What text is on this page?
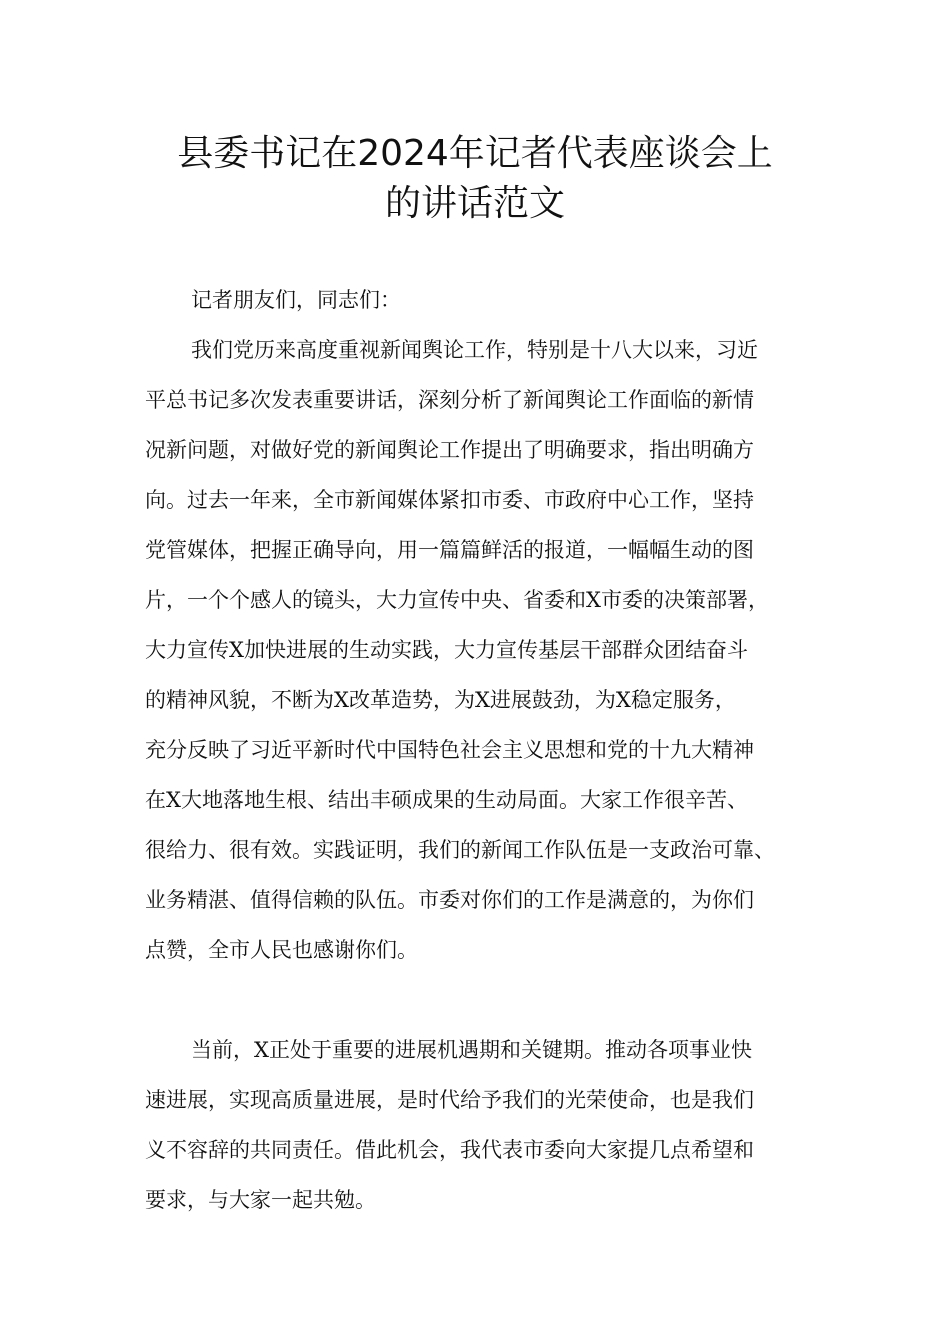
县委书记在2024年记者代表座谈会上
的讲话范文

记者朋友们，同志们：

我们党历来高度重视新闻舆论工作，特别是十八大以来，习近

平总书记多次发表重要讲话，深刻分析了新闻舆论工作面临的新情

况新问题，对做好党的新闻舆论工作提出了明确要求，指出明确方

向。过去一年来，全市新闻媒体紧扣市委、市政府中心工作，坚持

党管媒体，把握正确导向，用一篇篇鲜活的报道，一幅幅生动的图

片，一个个感人的镜头，大力宣传中央、省委和X市委的决策部署，

大力宣传X加快进展的生动实践，大力宣传基层干部群众团结奋斗

的精神风貌，不断为X改革造势，为X进展鼓劲，为X稳定服务，

充分反映了习近平新时代中国特色社会主义思想和党的十九大精神

在X大地落地生根、结出丰硕成果的生动局面。大家工作很辛苦、

很给力、很有效。实践证明，我们的新闻工作队伍是一支政治可靠、

业务精湛、值得信赖的队伍。市委对你们的工作是满意的，为你们

点赞，全市人民也感谢你们。

当前，X正处于重要的进展机遇期和关键期。推动各项事业快

速进展，实现高质量进展，是时代给予我们的光荣使命，也是我们

义不容辞的共同责任。借此机会，我代表市委向大家提几点希望和

要求，与大家一起共勉。
